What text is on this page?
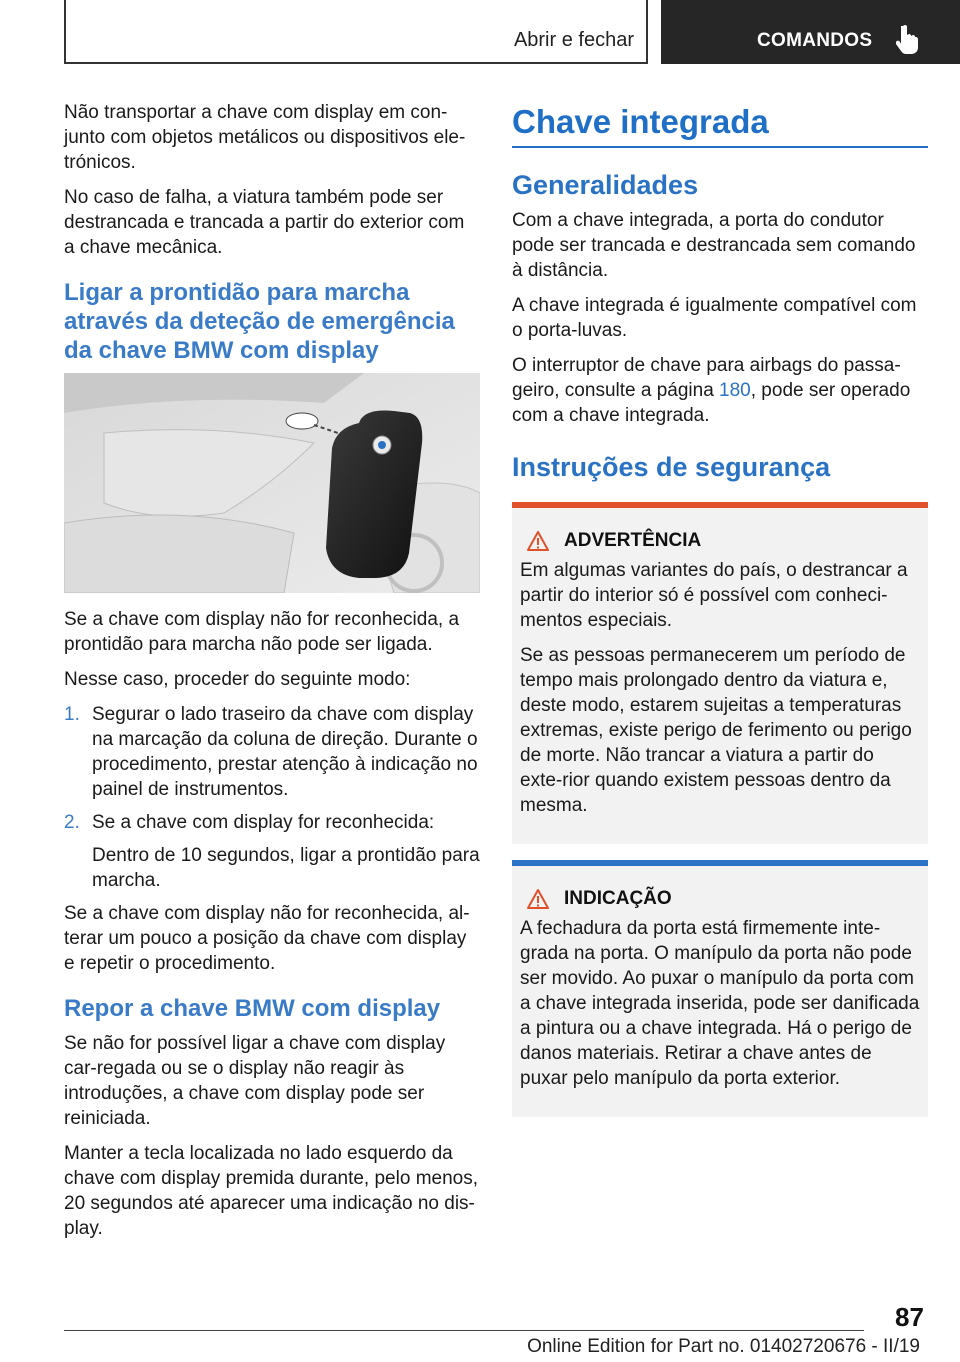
Abrir e fechar	COMANDOS

Não transportar a chave com display em con-junto com objetos metálicos ou dispositivos ele-trónicos.

No caso de falha, a viatura também pode ser destrancada e trancada a partir do exterior com a chave mecânica.

Ligar a prontidão para marcha através da deteção de emergência da chave BMW com display

Se a chave com display não for reconhecida, a prontidão para marcha não pode ser ligada.

Nesse caso, proceder do seguinte modo:

1. Segurar o lado traseiro da chave com display na marcação da coluna de direção. Durante o procedimento, prestar atenção à indicação no painel de instrumentos.
2. Se a chave com display for reconhecida:

Dentro de 10 segundos, ligar a prontidão para marcha.

Se a chave com display não for reconhecida, al-terar um pouco a posição da chave com display e repetir o procedimento.

Repor a chave BMW com display

Se não for possível ligar a chave com display car-regada ou se o display não reagir às introduções, a chave com display pode ser reiniciada.

Manter a tecla localizada no lado esquerdo da chave com display premida durante, pelo menos, 20 segundos até aparecer uma indicação no dis-play.

Chave integrada
Generalidades

Com a chave integrada, a porta do condutor pode ser trancada e destrancada sem comando à distância.

A chave integrada é igualmente compatível com o porta-luvas.

O interruptor de chave para airbags do passa-geiro, consulte a página 180, pode ser operado com a chave integrada.

Instruções de segurança
ADVERTÊNCIA

Em algumas variantes do país, o destrancar a partir do interior só é possível com conheci-mentos especiais.

Se as pessoas permanecerem um período de tempo mais prolongado dentro da viatura e, deste modo, estarem sujeitas a temperaturas extremas, existe perigo de ferimento ou perigo de morte. Não trancar a viatura a partir do exte-rior quando existem pessoas dentro da mesma.

INDICAÇÃO

A fechadura da porta está firmemente inte-grada na porta. O manípulo da porta não pode ser movido. Ao puxar o manípulo da porta com a chave integrada inserida, pode ser danificada a pintura ou a chave integrada. Há o perigo de danos materiais. Retirar a chave antes de puxar pelo manípulo da porta exterior.

87
Online Edition for Part no. 01402720676 - II/19
